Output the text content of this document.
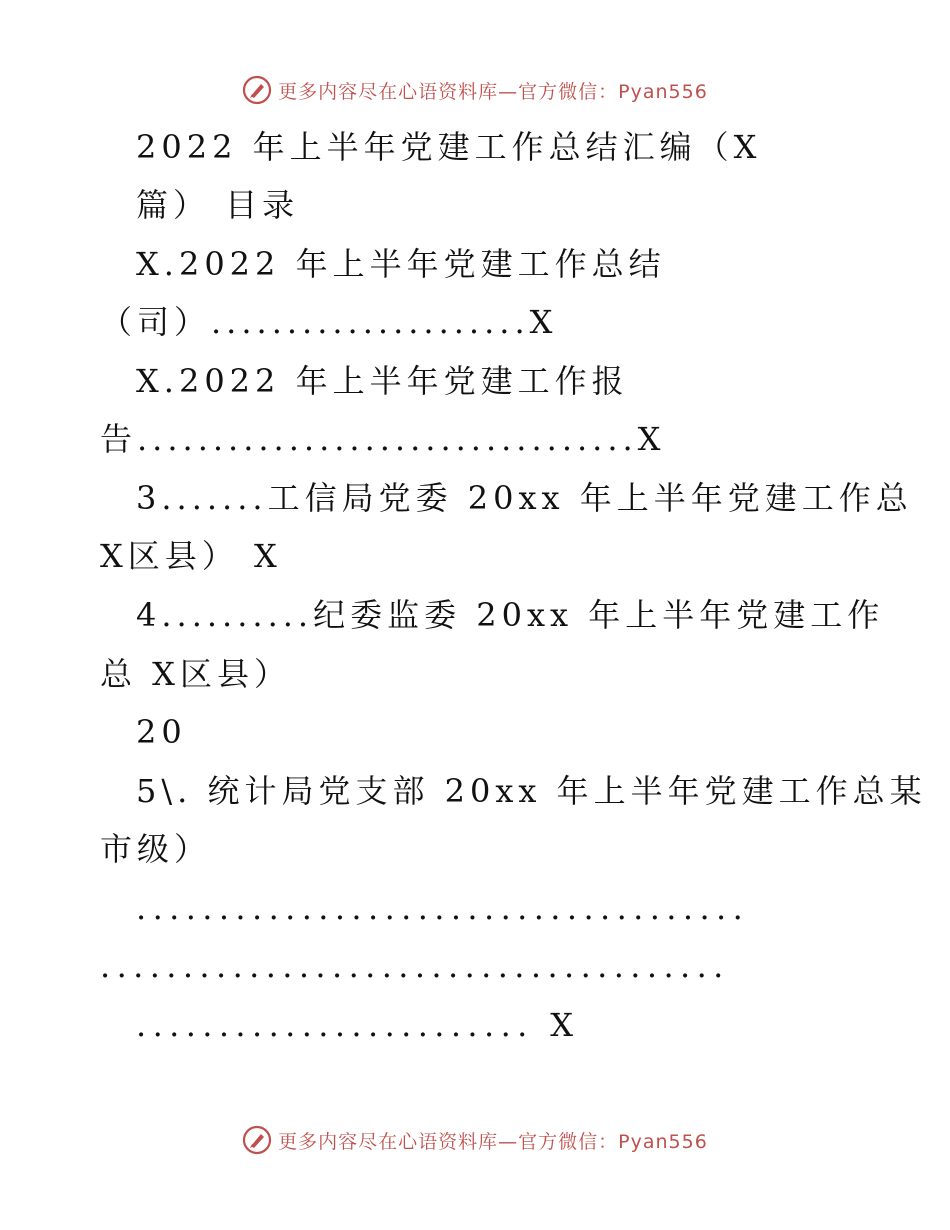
更多内容尽在心语资料库—官方微信：Pyan556
2022 年上半年党建工作总结汇编（X
篇） 目录
X.2022 年上半年党建工作总结
（司）.....................X
X.2022 年上半年党建工作报
告.................................X
3.......工信局党委 20xx 年上半年党建工作总
X区县） X
4..........纪委监委 20xx 年上半年党建工作
总 X区县）
20
5\. 统计局党支部 20xx 年上半年党建工作总某
市级）
.....................................
......................................
........................ X
更多内容尽在心语资料库—官方微信：Pyan556
